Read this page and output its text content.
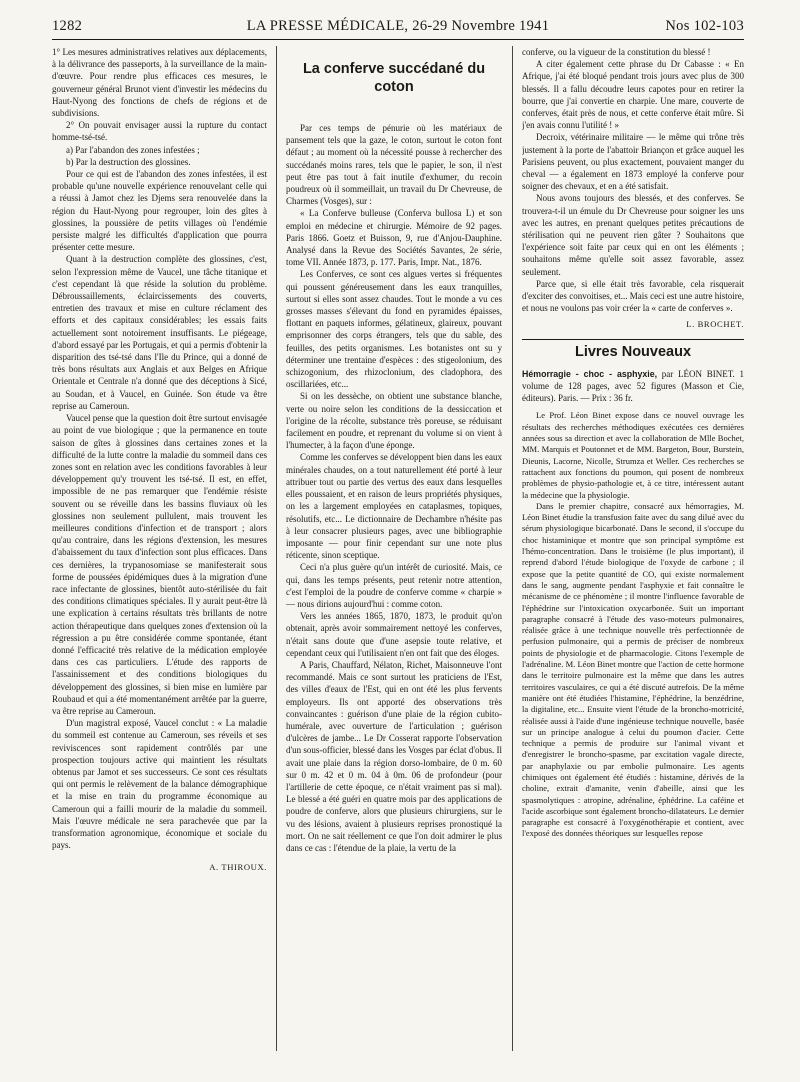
1282	LA PRESSE MÉDICALE, 26-29 Novembre 1941	Nos 102-103

1° Les mesures administratives relatives aux déplacements, à la délivrance des passeports, à la surveillance de la main-d'œuvre. Pour rendre plus efficaces ces mesures, le gouverneur général Brunot vient d'investir les médecins du Haut-Nyong des fonctions de chefs de régions et de subdivisions.

2° On pouvait envisager aussi la rupture du contact homme-tsé-tsé.

a) Par l'abandon des zones infestées ;

b) Par la destruction des glossines.

Pour ce qui est de l'abandon des zones infestées, il est probable qu'une nouvelle expérience renouvelant celle qui a réussi à Jamot chez les Djems sera renouvelée dans la région du Haut-Nyong pour regrouper, loin des gîtes à glossines, la poussière de petits villages où l'endémie persiste malgré les difficultés d'application que pourra présenter cette mesure.

Quant à la destruction complète des glossines, c'est, selon l'expression même de Vaucel, une tâche titanique et c'est cependant là que réside la solution du problème. Débroussaillements, éclaircissements des couverts, entretien des travaux et mise en culture réclament des efforts et des capitaux considérables; les essais faits actuellement sont notoirement insuffisants. Le piégeage, d'abord essayé par les Portugais, et qui a permis d'obtenir la disparition des tsé-tsé dans l'Ile du Prince, qui a donné de très bons résultats aux Anglais et aux Belges en Afrique Orientale et Centrale n'a donné que des déceptions à Sicé, au Soudan, et à Vaucel, en Guinée. Son étude va être reprise au Cameroun.

Vaucel pense que la question doit être surtout envisagée au point de vue biologique ; que la permanence en toute saison de gîtes à glossines dans certaines zones et la difficulté de la lutte contre la maladie du sommeil dans ces zones sont en relation avec les conditions favorables à leur développement qu'y trouvent les tsé-tsé. Il est, en effet, impossible de ne pas remarquer que l'endémie résiste souvent ou se réveille dans les bassins fluviaux où les glossines non seulement pullulent, mais trouvent les meilleures conditions d'infection et de transport ; alors qu'au contraire, dans les régions d'extension, les mesures d'abaissement du taux d'infection sont plus efficaces. Dans ces dernières, la trypanosomiase se manifesterait sous forme de poussées épidémiques dues à la migration d'une race infectante de glossines, bientôt auto-stérilisée du fait des conditions climatiques spéciales. Il y aurait peut-être là une explication à certains résultats très brillants de notre action thérapeutique dans quelques zones d'extension où la régression a pu être considérée comme spontanée, étant donné l'efficacité très relative de la médication employée dans ces cas particuliers. L'étude des rapports de l'assainissement et des conditions biologiques du développement des glossines, si bien mise en lumière par Roubaud et qui a été momentanément arrêtée par la guerre, va être reprise au Cameroun.

D'un magistral exposé, Vaucel conclut : « La maladie du sommeil est contenue au Cameroun, ses réveils et ses reviviscences sont rapidement contrôlés par une prospection toujours active qui maintient les résultats obtenus par Jamot et ses successeurs. Ce sont ces résultats qui ont permis le relèvement de la balance démographique et la mise en train du programme économique au Cameroun qui a failli mourir de la maladie du sommeil. Mais l'œuvre médicale ne sera parachevée que par la transformation agronomique, économique et sociale du pays.

A. THIROUX.

La conferve succédané du coton

Par ces temps de pénurie où les matériaux de pansement tels que la gaze, le coton, surtout le coton font défaut ; au moment où la nécessité pousse à rechercher des succédanés moins rares, tels que le papier, le son, il n'est peut être pas tout à fait inutile d'exhumer, du recoin poudreux où il sommeillait, un travail du Dr Chevreuse, de Charmes (Vosges), sur :

« La Conferve bulleuse (Conferva bullosa L) et son emploi en médecine et chirurgie. Mémoire de 92 pages. Paris 1866. Goetz et Buisson, 9, rue d'Anjou-Dauphine. Analysé dans la Revue des Sociétés Savantes, 2e série, tome VII. Année 1873, p. 177. Paris, Impr. Nat., 1876.

Les Conferves, ce sont ces algues vertes si fréquentes qui poussent généreusement dans les eaux tranquilles, surtout si elles sont assez chaudes. Tout le monde a vu ces grosses masses s'élevant du fond en pyramides épaisses, flottant en paquets informes, gélatineux, glaireux, pouvant emprisonner des corps étrangers, tels que du sable, des feuilles, des petits organismes. Les botanistes ont su y déterminer une trentaine d'espèces : des stigeolonium, des schizogonium, des rhizoclonium, des cladophora, des oscillariées, etc...

Si on les dessèche, on obtient une substance blanche, verte ou noire selon les conditions de la dessiccation et l'origine de la récolte, substance très poreuse, se réduisant facilement en poudre, et reprenant du volume si on vient à l'humecter, à la façon d'une éponge.

Comme les conferves se développent bien dans les eaux minérales chaudes, on a tout naturellement été porté à leur attribuer tout ou partie des vertus des eaux dans lesquelles elles poussaient, et en raison de leurs propriétés physiques, on les a largement employées en cataplasmes, topiques, résolutifs, etc... Le dictionnaire de Dechambre n'hésite pas à leur consacrer plusieurs pages, avec une bibliographie imposante — pour finir cependant sur une note plus réticente, sinon sceptique.

Ceci n'a plus guère qu'un intérêt de curiosité. Mais, ce qui, dans les temps présents, peut retenir notre attention, c'est l'emploi de la poudre de conferve comme « charpie » — nous dirions aujourd'hui : comme coton.

Vers les années 1865, 1870, 1873, le produit qu'on obtenait, après avoir sommairement nettoyé les conferves, n'était sans doute que d'une asepsie toute relative, et cependant ceux qui l'utilisaient n'en ont fait que des éloges.

A Paris, Chauffard, Nélaton, Richet, Maisonneuve l'ont recommandé. Mais ce sont surtout les praticiens de l'Est, des villes d'eaux de l'Est, qui en ont été les plus fervents employeurs. Ils ont apporté des observations très convaincantes : guérison d'une plaie de la région cubito-humérale, avec ouverture de l'articulation ; guérison d'ulcères de jambe... Le Dr Cosserat rapporte l'observation d'un sous-officier, blessé dans les Vosges par éclat d'obus. Il avait une plaie dans la région dorso-lombaire, de 0 m. 60 sur 0 m. 42 et 0 m. 04 à 0m. 06 de profondeur (pour l'artillerie de cette époque, ce n'était vraiment pas si mal). Le blessé a été guéri en quatre mois par des applications de poudre de conferve, alors que plusieurs chirurgiens, sur le vu des lésions, avaient à plusieurs reprises pronostiqué la mort. On ne sait réellement ce que l'on doit admirer le plus dans ce cas : l'étendue de la plaie, la vertu de la

conferve, ou la vigueur de la constitution du blessé !

A citer également cette phrase du Dr Cabasse : « En Afrique, j'ai été bloqué pendant trois jours avec plus de 300 blessés. Il a fallu découdre leurs capotes pour en retirer la bourre, que j'ai convertie en charpie. Une mare, couverte de conferves, était près de nous, et cette conferve était mûre. Si j'en avais connu l'utilité ! »

Decroix, vétérinaire militaire — le même qui trône très justement à la porte de l'abattoir Briançon et grâce auquel les Parisiens peuvent, ou plus exactement, pouvaient manger du cheval — a également en 1873 employé la conferve pour soigner des chevaux, et en a été satisfait.

Nous avons toujours des blessés, et des conferves. Se trouvera-t-il un émule du Dr Chevreuse pour soigner les uns avec les autres, en prenant quelques petites précautions de stérilisation qui ne peuvent rien gâter ? Souhaitons que l'expérience soit faite par ceux qui en ont les éléments ; souhaitons même qu'elle soit assez favorable, assez seulement.

Parce que, si elle était très favorable, cela risquerait d'exciter des convoitises, et... Mais ceci est une autre histoire, et nous ne voulons pas voir créer la « carte de conferves ».

L. BROCHET.

Livres Nouveaux

Hémorragie - choc - asphyxie, par LÉON BINET. 1 volume de 128 pages, avec 52 figures (Masson et Cie, éditeurs). Paris. — Prix : 36 fr.

Le Prof. Léon Binet expose dans ce nouvel ouvrage les résultats des recherches méthodiques exécutées ces dernières années sous sa direction et avec la collaboration de Mlle Bochet, MM. Marquis et Poutonnet et de MM. Bargeton, Bour, Burstein, Dieunis, Lacorne, Nicolle, Strumza et Weller. Ces recherches se rattachent aux fonctions du poumon, qui posent de nombreux problèmes de physio-pathologie et, à ce titre, intéressent autant la médecine que la physiologie.

Dans le premier chapitre, consacré aux hémorragies, M. Léon Binet étudie la transfusion faite avec du sang dilué avec du sérum physiologique bicarbonaté. Dans le second, il s'occupe du choc histaminique et montre que son principal symptôme est l'hémo-concentration. Dans le troisième (le plus important), il reprend d'abord l'étude biologique de l'oxyde de carbone ; il expose que la petite quantité de CO, qui existe normalement dans le sang, augmente pendant l'asphyxie et fait connaître le mécanisme de ce phénomène ; il montre l'influence favorable de l'éphédrine sur l'intoxication oxycarbonée. Suit un important paragraphe consacré à l'étude des vaso-moteurs pulmonaires, réalisée grâce à une technique nouvelle très perfectionnée de perfusion pulmonaire, qui a permis de préciser de nombreux points de physiologie et de pharmacologie. Citons l'exemple de l'adrénaline. M. Léon Binet montre que l'action de cette hormone dans le territoire pulmonaire est la même que dans les autres territoires vasculaires, ce qui a été discuté autrefois. De la même manière ont été étudiées l'histamine, l'éphédrine, la benzédrine, la digitaline, etc... Ensuite vient l'étude de la broncho-motricité, réalisée aussi à l'aide d'une ingénieuse technique nouvelle, basée sur un principe analogue à celui du poumon d'acier. Cette technique a permis de produire sur l'animal vivant et d'enregistrer le broncho-spasme, par excitation vagale directe, par anaphylaxie ou par embolie pulmonaire. Les agents chimiques ont également été étudiés : histamine, dérivés de la choline, extrait d'amanite, venin d'abeille, ainsi que les spasmolytiques : atropine, adrénaline, éphédrine. La caféine et l'acide ascorbique sont également broncho-dilatateurs. Le dernier paragraphe est consacré à l'oxygénothérapie et contient, avec l'exposé des données théoriques sur lesquelles repose
